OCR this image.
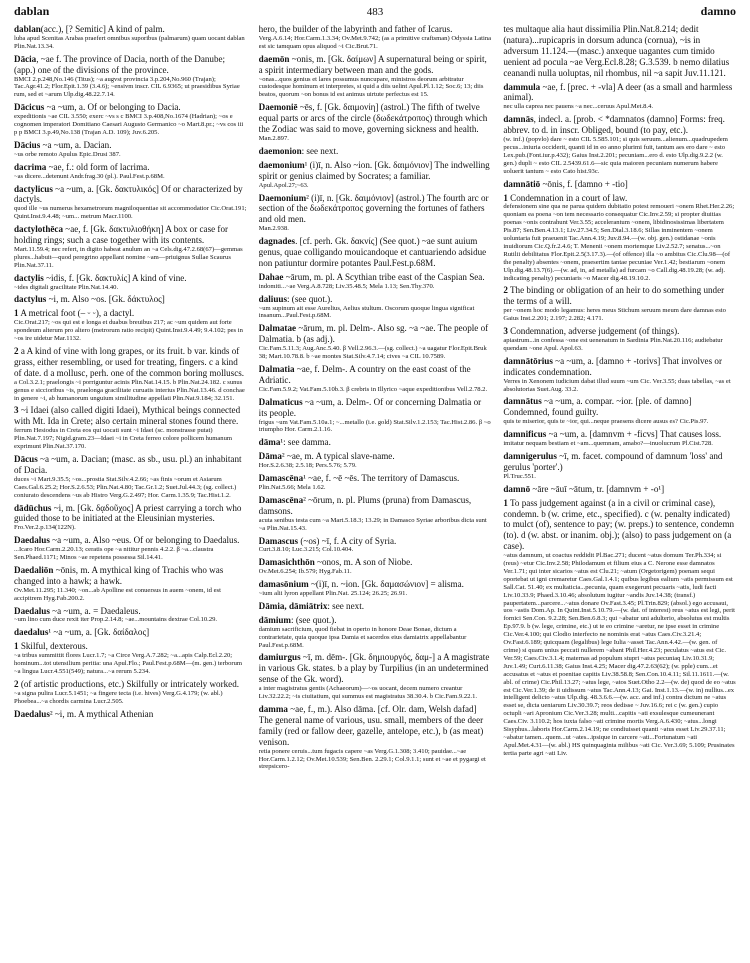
dablan	483	damno

dablan(acc.), [? Semitic] A kind of palm.

luba apud Scenitas Arabas praefert omnibus suporibus (palmarum) quam uocant dablan Plin.Nat.13.34.

Dācia, ~ae f. The province of Dacia, north of the Danube; (app.) one of the divisions of the province.

BMCI 2.p.248,No.146 (Titus); ~a augvst provincia 3.p.204,No.960 (Trajan); Tac.Agr.41.2; Flor.Epit.1.39 (3.4.6); ~ensivm inscr. CIL 6.9365; ut praesidibus Syriae rum, sed et ~arum Ulp.dig.48.22.7.14.

Dācicus ~a ~um, a. Of or belonging to Dacia.

expeditionis ~ae CIL 3.550; exerc ~vs s c BMCI 3.p.408,No.1674 (Hadrian); ~os e cognomen imperatori Domitiano Caesari Augusto Germanico ~o Mart.8.pr.; ~vs cos iii p p BMCI 3.p.49,No.138 (Trajan A.D. 109); Juv.6.205.

Dācius ~a ~um, a. Dacian.

~us orbe remoto Apulus Epic.Drusi 387.

dacrima ~ae, f.: old form of lacrima.

~as dicere...detenunt Andr.frag.30 (pl.). Paul.Fest.p.68M.

dactylicus ~a ~um, a. [Gk. δακτυλικός] Of or characterized by dactyls.

quod ille ~us numerus hexametrorum magniloquentiae sit accommodatior Cic.Orat.191; Quint.Inst.9.4.48; ~um... metrum Macr.1100.

dactylothēca ~ae, f. [Gk. δακτυλιοθήκη] A box or case for holding rings; such a case together with its contents.

Mart.11.59.4; nec refert, in digito habeat anulum an ~a Cels.dig.47.2.68(67)—gemmas plures...habuit—quod peregrino appellant nomine ~am—priuignus Sullae Scaurus Plin.Nat.37.11.

dactylis ~idis, f. [Gk. δακτυλίς] A kind of vine.

~ides digitali gracilitate Plin.Nat.14.40.

dactylus ~i, m. Also ~os. [Gk. δάκτυλος]

1 A metrical foot (– ⏑ ⏑), a dactyl.

Cic.Orat.217; ~os qui est e longa et duabus breuibus 217; ac ~um quidem aut forte spondeum alterum pro altero (metrorum ratio recipit) Quint.Inst.9.4.49; 9.4.102; pes in ~os ire uidetur Mar.1132.

2 a A kind of vine with long grapes, or its fruit. b var. kinds of grass, either resembling, or used for treating, fingers. c a kind of date. d a mollusc, perh. one of the common boring molluscs.

a Col.3.2.1; praelongis ~i porriguntur acinis Plin.Nat.14.15. b Plin.Nat.24.182. c sunus genus e siccioribus ~is, praelonga gracilitate curuatis interius Plin.Nat.13.46. d conchae in genere ~i, ab humanorum unguium similitudine appellati Plin.Nat.9.184; 32.151.

3 ~i Idaei (also called digiti Idaei), Mythical beings connected with Mt. Ida in Crete; also certain mineral stones found there.

ferrum Hesiodus in Creta eos qui uocati sunt ~i Idaei (sc. monstrasse putat) Plin.Nat.7.197; Nigid.gram.23—Idaei ~i in Creta ferreo colore pollicem humanum exprimunt Plin.Nat.37.170.

Dācus ~a ~um, a. Dacian; (masc. as sb., usu. pl.) an inhabitant of Dacia.

duces ~i Mart.9.35.5; ~os...prostia Stat.Silv.4.2.66; ~as finis ~orum et Asiarum Caes.Gal.6.25.2; Hor.S.2.6.53; Plin.Nat.4.80; Tac.Gr.1.2; Suet.Jul.44.3; (sg. collect.) coniurato descendens ~us ab Histro Verg.G.2.497; Hor. Carm.1.35.9; Tac.Hist.1.2.

dādūchus ~i, m. [Gk. δᾳδοῦχος] A priest carrying a torch who guided those to be initiated at the Eleusinian mysteries.

Fro.Ver.2.p.134(122N).

Daedalus ~a ~um, a. Also ~eus. Of or belonging to Daedalus.

...Icaro Hor.Carm.2.20.13; ceratis ope ~a nititur pennis 4.2.2. β ~a...claustra Sen.Phaed.1171; Minos ~ae repetens possessa Sil.14.41.

Daedaliōn ~ōnis, m. A mythical king of Trachis who was changed into a hawk; a hawk.

Ov.Met.11.295; 11.340; ~on...ab Apolline est conuersus in auem ~onem, id est accipitrem Hyg.Fab.200.2.

Daedalus ~a ~um, a. = Daedaleus.

~um lino cum duce rexit iter Prop.2.14.8; ~ae...mountains dextrae Col.10.29.

daedalus¹ ~a ~um, a. [Gk. δαίδαλος]

1 Skilful, dexterous.

~a tribus summittit flores Lucr.1.7; ~a Circe Verg.A.7.282; ~a...apis Calp.Ecl.2.20; hominum...tot utensilium peritia: una Apul.Flo.; Paul.Fest.p.68M—(m. gen.) terborum ~a lingua Lucr.4.551(549); natura...~a rerum 5.234.

2 (of artistic productions, etc.) Skilfully or intricately worked.

~a signa pulira Lucr.5.1451; ~a fingere tecta (i.e. hives) Verg.G.4.179; (w. abl.) Phoebea...~a chordis carmina Lucr.2.505.

Daedalus² ~i, m. A mythical Athenian

hero, the builder of the labyrinth and father of Icarus.

Verg.A.6.14; Hor.Carm.1.3.34; Ov.Met.9.742; (as a primitive craftsman) Odyssia Latina est sic tamquam opus aliquod ~i Cic.Brut.71.

daemōn ~onis, m. [Gk. δαίμων] A supernatural being or spirit, a spirit intermediary between man and the gods.

~onas...quos genius et lares possumus nuncupare, ministros deorum arbitratur custodesque hominum et interpretes, si quid a diis uelint Apul.Pl.1.12; Soc.6; 13; diis beatos, quorum ~on bonus id est animus uirtute perfectus est 15.

Daemoniē ~ēs, f. [Gk. δαιμονίη] (astrol.) The fifth of twelve equal parts or arcs of the circle (δωδεκάτροπος) through which the Zodiac was said to move, governing sickness and health.

Man.2.897.

daemonion: see next.

daemonium¹ (i)ī, n. Also ~ion. [Gk. δαιμόνιον] The indwelling spirit or genius claimed by Socrates; a familiar.

Apul.Apol.27;~63.

Daemonium² (i)ī, n. [Gk. δαιμόνιον] (astrol.) The fourth arc or section of the δωδεκάτροπος governing the fortunes of fathers and old men.

Man.2.938.

dagnades. [cf. perh. Gk. δακνίς] (See quot.) ~ae sunt auium genus, quae colligando mouicandoque et cantuariendo adsidue non patiuntur dormire potantes Paul.Fest.p.68M.

Dahae ~ārum, m. pl. A Scythian tribe east of the Caspian Sea.

indomiti...~ae Verg.A.8.728; Liv.35.48.5; Mela 1.13; Sen.Thy.370.

daliuus: (see quot.).

~um supinum ait esse Aurelius, Aelius stultum. Oscorum quoque lingua significat insanum...Paul.Fest.p.68M.

Dalmatae ~ārum, m. pl. Delm-. Also sg. ~a ~ae. The people of Dalmatia. b (as adj.).

Cic.Fam.5.11.3; Aug.Anc.5.40. β Vell.2.96.3.—(sg. collect.) ~a uagatur Flor.Epit.Bruk 38; Mart.10.78.8. b ~ae montes Stat.Silv.4.7.14; cives ~a CIL 10.7589.

Dalmatia ~ae, f. Delm-. A country on the east coast of the Adriatic.

Cic.Fam.5.9.2; Vat.Fam.5.10b.3. β crebris in Illyrico ~aque expeditionibus Vell.2.78.2.

Dalmaticus ~a ~um, a. Delm-. Of or concerning Dalmatia or its people.

frigus ~um Vat.Fam.5.10a.1; ~...metallo (i.e. gold) Stat.Silv.1.2.153; Tac.Hist.2.86. β ~o triumpho Hor. Carm.2.1.16.

dāma¹: see damma.

Dāma² ~ae, m. A typical slave-name.

Hor.S.2.6.38; 2.5.18; Pers.5.76; 5.79.

Damascēna¹ ~ae, f. ~ē ~ēs. The territory of Damascus.

Plin.Nat.5.66; Mela 1.62.

Damascēna² ~ōrum, n. pl. Plums (pruna) from Damascus, damsons.

acuta senibus testa cum ~a Mart.5.18.3; 13.29; in Damasco Syriae arboribus dicta sunt ~a Plin.Nat.15.43.

Damascus (~os) ~ī, f. A city of Syria.

Curt.3.8.10; Luc.3.215; Col.10.404.

Damasichthōn ~onos, m. A son of Niobe.

Ov.Met.6.254; Ib.579; Hyg.Fab.11.

damasōnium ~(i)ī, n. ~ion. [Gk. δαμασώνιον] = alisma.

~ium alii lyron appellant Plin.Nat. 25.124; 26.25; 26.91.

Dāmia, dāmiātrix: see next.

dāmium: (see quot.).

damium sacrificium, quod fiebat in operto in honore Deae Bonae, dictum a contrarietate, quia quoque ipsa Damia et sacerdos eius damiatrix appellabantur Paul.Fest.p.68M.

damiurgus ~ī, m. dēm-. [Gk. δημιουργός, δαμ-] a A magistrate in various Gk. states. b a play by Turpilius (in an undetermined sense of the Gk. word).

a inter magistratus gentis (Achaeorum)—~os uocant, decem numero creantur Liv.32.22.2; ~is ciuitatium, qui summus est magistratus 38.30.4. b Cic.Fam.9.22.1.

damma ~ae, f., m.). Also dāma. [cf. Olr. dam, Welsh dafad] The general name of various, usu. small, members of the deer family (red or fallow deer, gazelle, antelope, etc.), b (as meat) venison.

retia ponere ceruis...tum fugacis capere ~as Verg.G.1.308; 3.410; pauidae...~ae Hor.Carm.1.2.12; Ov.Met.10.539; Sen.Ben. 2.29.1; Col.9.1.1; sunt et ~ae et pygargi et strepsicero-

tes multaque alia haut dissimilia Plin.Nat.8.214; dedit (natura)...rupicapris in dorsum adunca (cornua), ~is in adversum 11.124.—(masc.) anxeque uagantes cum timido uenient ad pocula ~ae Verg.Ecl.8.28; G.3.539. b nemo dilatius ceanandi nulla uoluptas, nil rhombus, nil ~a sapit Juv.11.121.

dammula ~ae, f. [prec. + -vla] A deer (as a small and harmless animal).

nec ulla caprea nec pauens ~a nec...ceruus Apul.Met.8.4.

damnās, indecl. a. [prob. < *damnatos (damno] Forms: freq. abbrev. to d. in inscr. Obliged, bound (to pay, etc.).

(w. inf.) (popvlo) dare ~ esto CIL 5.585.101; si quis seruum...alienum...quadrupedem pecus...iniuria occiderit, quanti id in eo anno plurimi fuit, tantum aes ero dare ~ esto Lex.pub.(Font.iur.p.432); Gaius Inst.2.201; pecuniam...ero d. esto Ulp.dig.9.2.2 (w. gen.) dupli ~ esto CIL 2.5439.61.6—sic quia maioren pecuniam numerum habere uoluerit tantum ~ esto Cato hist.93c.

damnātiō ~ōnis, f. [damno + -tio]

1 Condemnation in a court of law.

defensionem sine qua ne parua quidem dubitatio potest remoueri ~onem Rhet.Her.2.26; quoniam ea poena ~on tem necessario consequatur Cic.Inv.2.59; si propter diuitias poenas ~onis contrahunt Ver.3.55; accelerantum ~onem, libidinosissimas libertatem Pis.87; Sen.Ben.4.13.1; Liv.27.34.5; Sen.Dial.3.18.6; Sillas inminentem ~onem uoluntaria fuit praeuenit Tac.Ann.4.19; Juv.8.94.—(w. obj. gen.) ostidanae ~onis inuidiorum Cic.Q.fr.2.4.6; T. Menenii ~onem mortemque Liv.2.52.7; senatus...~on Rutilii debilitatus Flor.Epit.2.5(3.17.3).—(of offence) illa ~o ambitus Cic.Clu.98—(of the penalty) absentes ~onem, praesertim tantae pecuniae Ver.1.42; bestiarum ~onem Ulp.dig.48.13.7(6).—(w. ad, in, ad metalla) ad furcam ~o Call.dig.48.19.28; (w. adj. indicating penalty) pecuniaris ~o Macer dig.48.19.10.2.

2 The binding or obligation of an heir to do something under the terms of a will.

per ~onem hoc modo legamus: heres meus Stichum seruum meum dare damnas esto Gaius Inst.2.201; 2.197; 2.282; 4.171.

3 Condemnation, adverse judgement (of things).

apiastrum...in confessa ~one est uenenatum in Sardinia Plin.Nat.20.116; audiebatur quendam ~one Apul. Apol.63.

damnātōrius ~a ~um, a. [damno + -torivs] That involves or indicates condemnation.

Verres in Xenonem iudicium dabat illud suum ~um Cic. Ver.3.55; duas tabellas, ~as et absolutorias Suet.Aug. 33.2.

damnātus ~a ~um, a. compar. ~ior. [ple. of damno] Condemned, found guilty.

quis te miserior, quis te ~ior, qui...neque praesens dicere ausus es? Cic.Pis.97.

damnificus ~a ~um, a. [damnvm + -ficvs] That causes loss.

imitatur nequam bestiam et ~am...quemnam, amabo?—inuolucrum Pl.Cist.728.

damnigerulus ~ī, m. facet. compound of damnum 'loss' and gerulus 'porter'.)

Pl.Truc.551.

damnō ~āre ~āuī ~ātum, tr. [damnvm + -o¹]

1 To pass judgement against (a in a civil or criminal case), condemn. b (w. crime, etc., specified). c (w. penalty indicated) to mulct (of), sentence to pay; (w. preps.) to sentence, condemn (to). d (w. abst. or inanim. obj.); (also) to pass judgement on (a case).

~atus damnum, ut coactus reddidit Pl.Bac.271; ducent ~atus domum Ter.Ph.334; si (reus) ~etur Cic.Inv.2.58; Philodamum et filium eius a C. Nerone esse damnatos Ver.1.71; qui inter sicarios ~atus est Clu.21; ~atum (Orgetorigem) poenam sequi oportebat ut igni cremaretur Caes.Gal.1.4.1; quibus legibus ealium ~atis permissum est Sall.Cat. 51.40; ex multaticia...pecunia, quam exegerunt pecuaris ~atis, ludi facti Liv.10.33.9; Phaed.3.10.46; absolutum iugitur ~andis Juv.14.38; (transf.) paupertatem...parcere...~atus donare Ov.Fast.3.45; Pl.Trin.829; (absol.) ego accusaui, uos ~astis Dom.Ap. In Quint.Inst.5.10.79.—(w. dat. of interest) reus ~atus est legi, perit fornici Sen.Con. 9.2.28; Sen.Ben.6.8.3; qui ~abatur uni adulterio, absolutus est multis Ep.97.9. b (w. lege, crimine, etc.) ut te eo crimine ~aretur, ne ipse esset in crimine Cic.Ver.4.100; qui Clodio interfecto ne nominis erat ~atus Caes.Civ.3.21.4; Ov.Fast.6.189; quicquam (legalibus) lege Iulia ~asset Tac.Ann.4.42.—(w. gen. of crime) si quam unius peccati nullerem ~abant Phil.Her.4.23; peculatus ~atus est Cic. Ver.59; Caes.Civ.3.1.4; maternas ad populum stupri ~atus pecuniaq Liv.10.31.9; Juv.1.49; Curt.6.11.38; Gaius Inst.4.25; Macer dig.47.2.63(62); (w. pple) cum...et accusatus et ~atus et poenitae capitis Liv.38.58.8; Sen.Con.10.4.11; Sil.11.1611.—(w. abl. of crime) Cic.Phil.13.27; ~atus lege, ~atos Suet.Otho 2.2—(w. de) quod de eo ~atus est Cic.Ver.1.39; de ii uidissum ~atus Tac.Ann.4.13; Gai. Inst.1.13.—(w. in) nullius...ex intelligent delicto ~atus Ulp.dig. 48.3.6.6.—(w. acc. and inf.) contra dictum ne ~atus esset se, dicta ueniarum Liv.30.39.7; reos dedisse ~ Juv.16.6; rei c (w. gen.) cupio octupli ~ari Apronium Cic.Ver.3.28; multi...capitis ~ati exsulesque cumeunerant Caes.Civ. 3.110.2; hos iuxta falso ~ati crimine mortis Verg.A.6.430; ~atus...longi Sisyphus...laboris Hor.Carm.2.14.19; ne condiuisset quanti ~atus esset Liv.29.37.11; ~abatur tamen...quem...ut ~ates...ipsique in carcere ~ati...Fortunatum ~ati Apul.Met.4.31—(w. abl.) HS quinquaginta milibus ~ati Cic. Ver.3.69; 5.109; Prusinates tertia parte agri ~ati Liv.
